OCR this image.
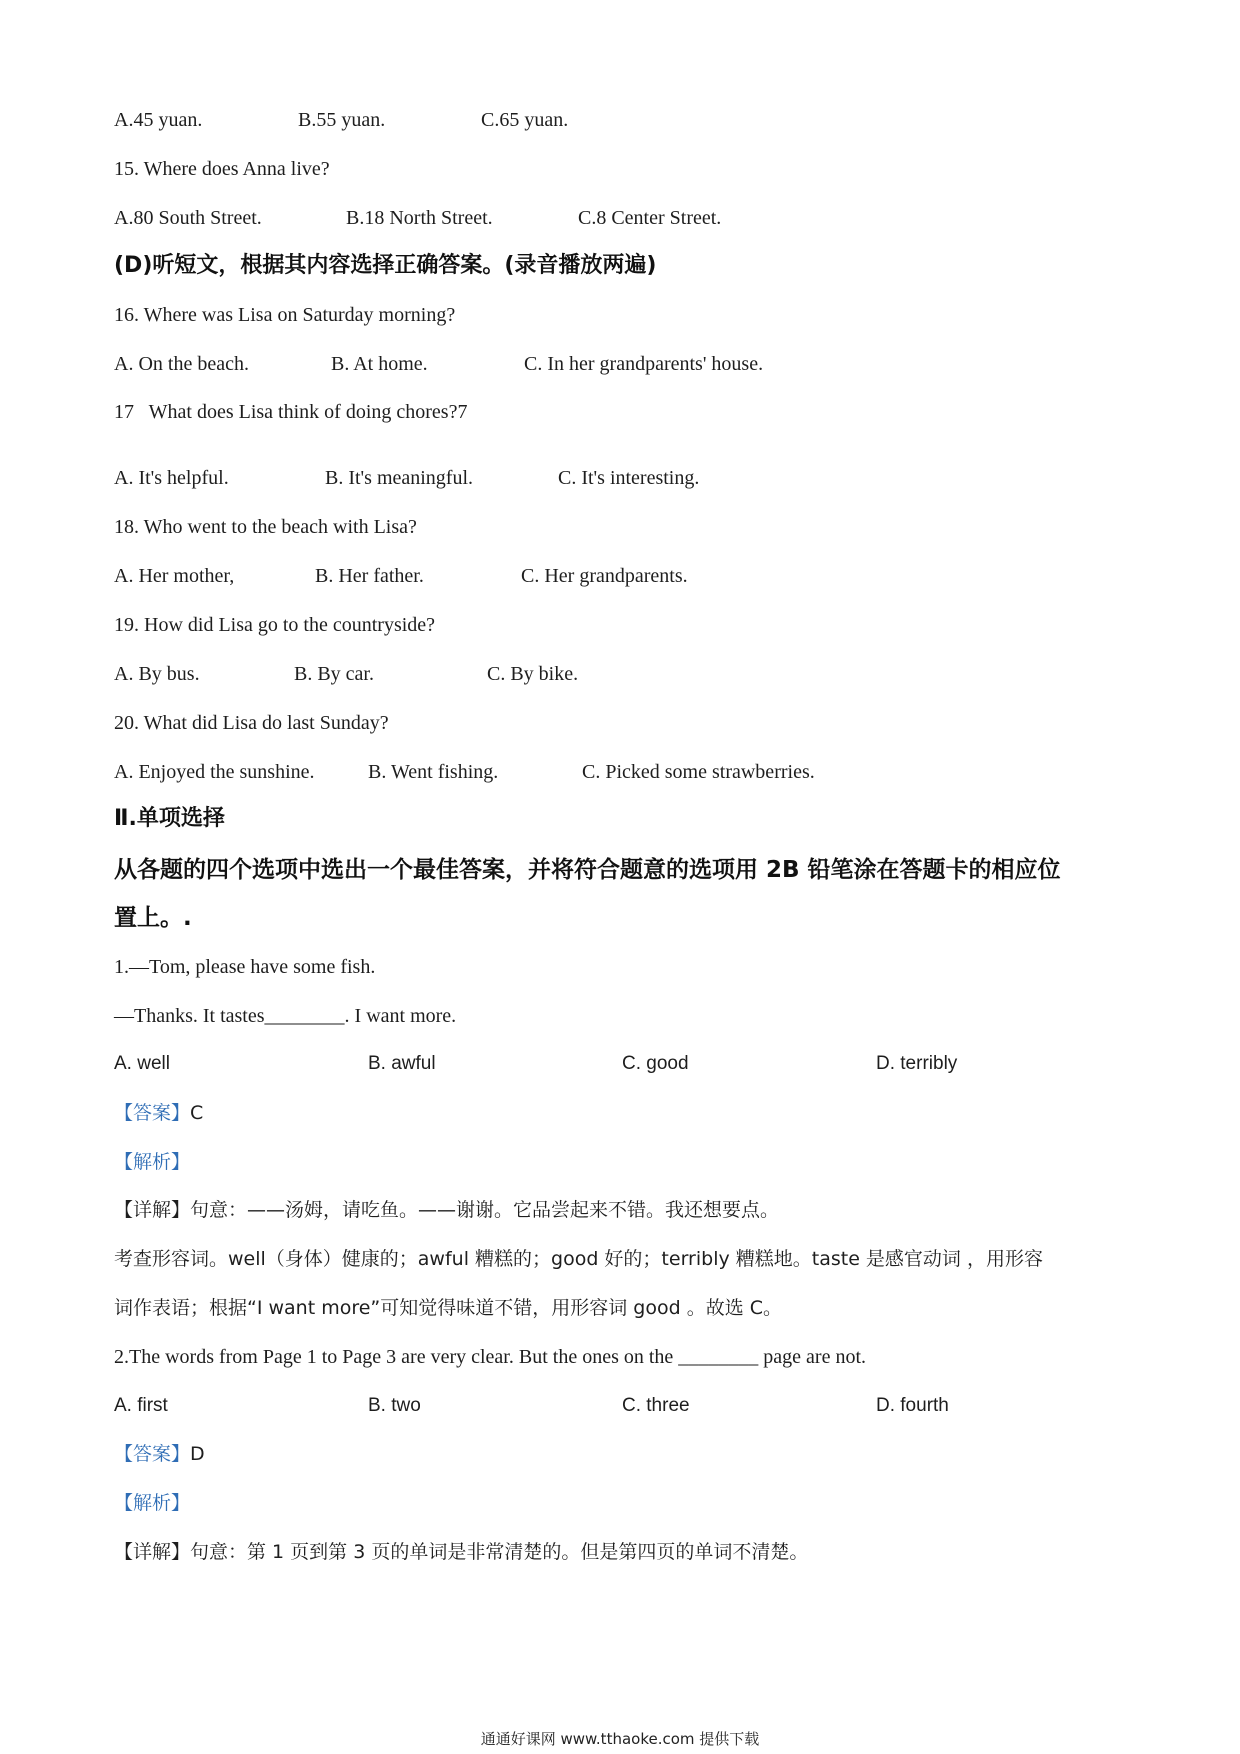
A.45 yuan.	B.55 yuan.	C.65 yuan.
15. Where does Anna live?
A.80 South Street.	B.18 North Street.	C.8 Center Street.
(D)听短文，根据其内容选择正确答案。(录音播放两遍)
16. Where was Lisa on Saturday morning?
A. On the beach.	B. At home.	C. In her grandparents' house.
17   What does Lisa think of doing chores?7
A. It's helpful.	B. It's meaningful.	C. It's interesting.
18. Who went to the beach with Lisa?
A. Her mother,	B. Her father.	C. Her grandparents.
19. How did Lisa go to the countryside?
A. By bus.	B. By car.	C. By bike.
20. What did Lisa do last Sunday?
A. Enjoyed the sunshine.	B. Went fishing.	C. Picked some strawberries.
Ⅱ.单项选择
从各题的四个选项中选出一个最佳答案，并将符合题意的选项用 2B 铅笔涂在答题卡的相应位
置上。.
1.—Tom, please have some fish.
—Thanks. It tastes________. I want more.
A. well	B. awful	C. good	D. terribly
【答案】C
【解析】
【详解】句意：——汤姆，请吃鱼。——谢谢。它品尝起来不错。我还想要点。
考查形容词。well（身体）健康的；awful 糟糕的；good 好的；terribly 糟糕地。taste 是感官动词 ，用形容
词作表语；根据“I want more”可知觉得味道不错，用形容词 good 。故选 C。
2.The words from Page 1 to Page 3 are very clear. But the ones on the ________ page are not.
A. first	B. two	C. three	D. fourth
【答案】D
【解析】
【详解】句意：第 1 页到第 3 页的单词是非常清楚的。但是第四页的单词不清楚。
通通好课网 www.tthaoke.com 提供下载
